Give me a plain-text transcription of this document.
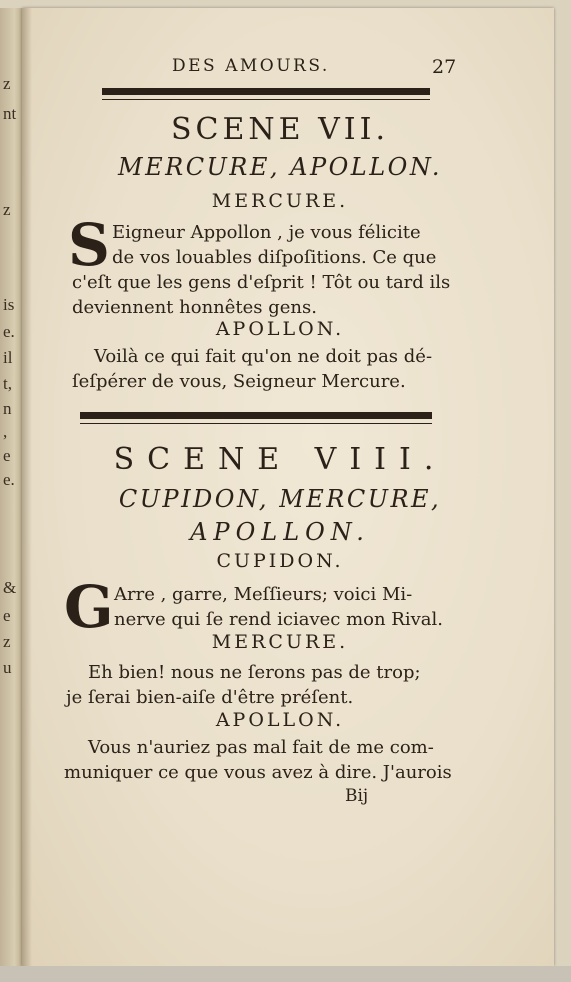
z
nt
z
is
e.
il
t,
n
,
e
e.
&
e
z
u
DES AMOURS.	27
SCENE VII.
MERCURE, APOLLON.
MERCURE.
S Eigneur Appollon , je vous félicite
de vos louables diſpoſitions. Ce que
c'eſt que les gens d'eſprit ! Tôt ou tard ils
deviennent honnêtes gens.
APOLLON.
Voilà ce qui fait qu'on ne doit pas dé-
ſeſpérer de vous, Seigneur Mercure.
SCENE VIII.
CUPIDON, MERCURE,
APOLLON.
CUPIDON.
G Arre , garre, Meſſieurs; voici Mi-
nerve qui ſe rend iciavec mon Rival.
MERCURE.
Eh bien! nous ne ſerons pas de trop;
je ſerai bien-aiſe d'être préſent.
APOLLON.
Vous n'auriez pas mal fait de me com-
muniquer ce que vous avez à dire. J'aurois
Bij
